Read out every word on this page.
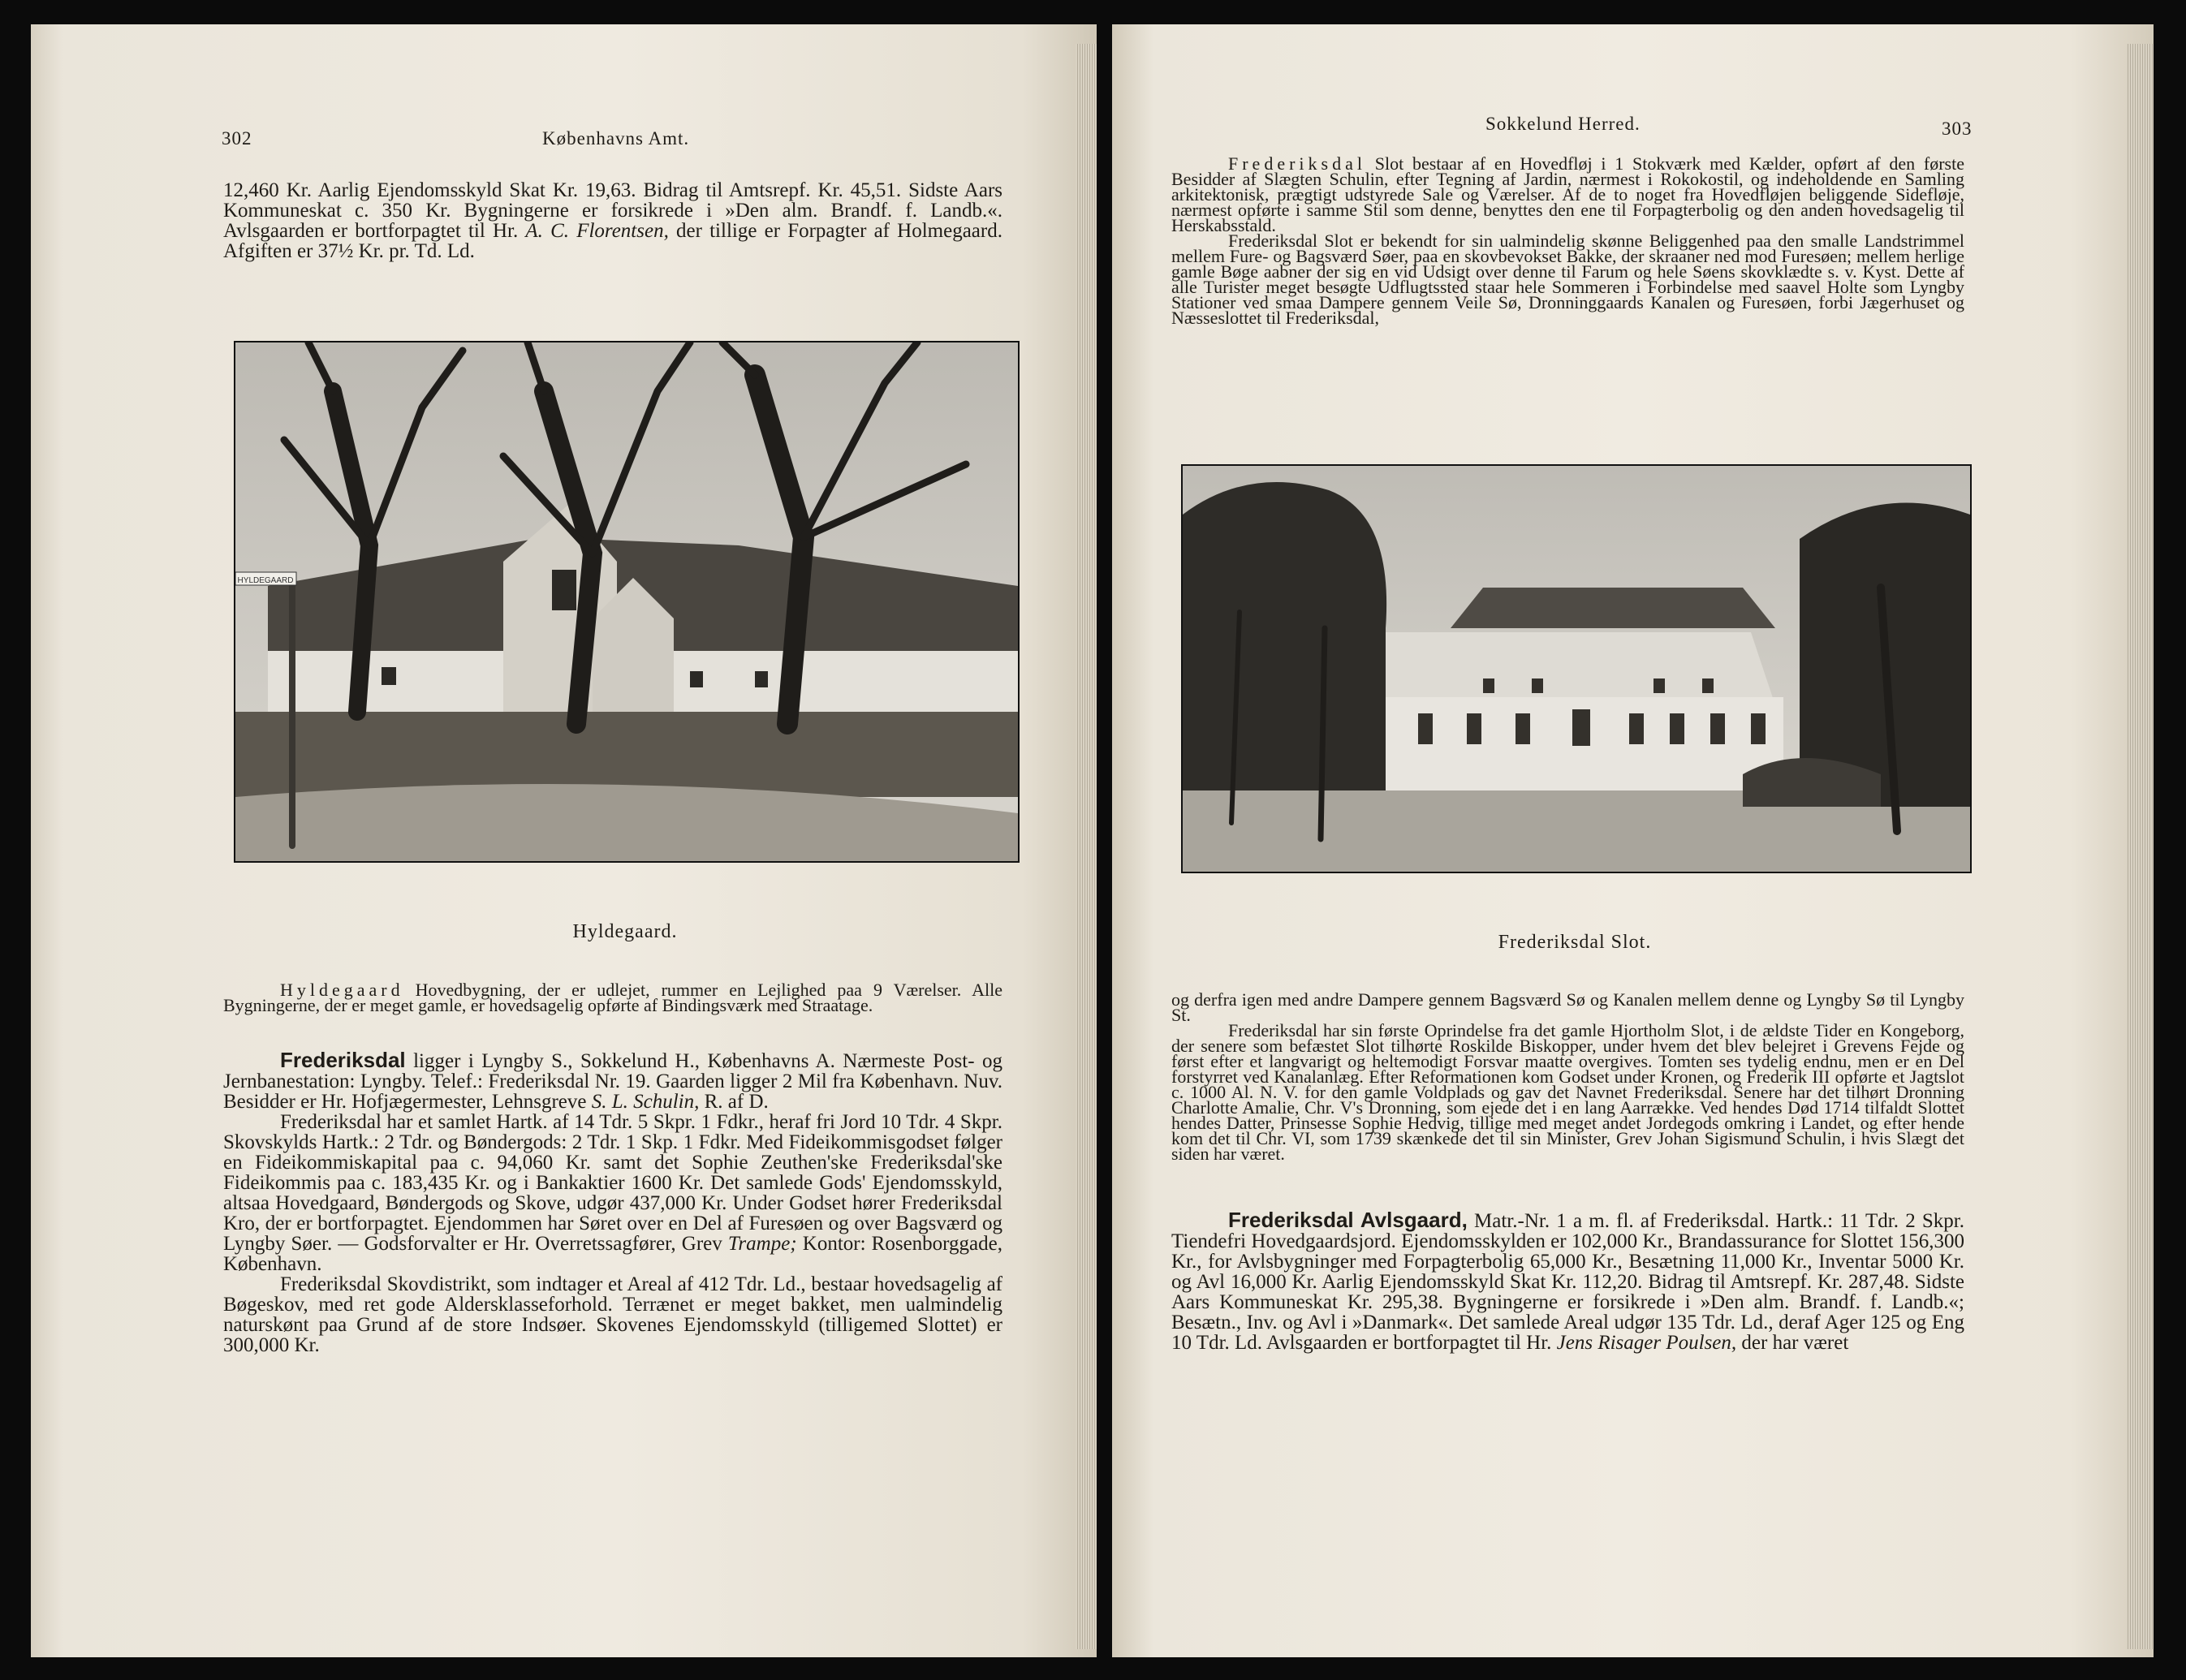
302	Københavns Amt.

12,460 Kr. Aarlig Ejendomsskyld Skat Kr. 19,63. Bidrag til Amtsrepf. Kr. 45,51. Sidste Aars Kommuneskat c. 350 Kr. Bygningerne er forsikrede i »Den alm. Brandf. f. Landb.«. Avlsgaarden er bortforpagtet til Hr. A. C. Florentsen, der tillige er Forpagter af Holmegaard. Afgiften er 37½ Kr. pr. Td. Ld.

HYLDEGAARD
Hyldegaard.

Hyldegaard Hovedbygning, der er udlejet, rummer en Lejlighed paa 9 Værelser. Alle Bygningerne, der er meget gamle, er hovedsagelig opførte af Bindingsværk med Straatage.

Frederiksdal ligger i Lyngby S., Sokkelund H., Københavns A. Nærmeste Post- og Jernbanestation: Lyngby. Telef.: Frederiksdal Nr. 19. Gaarden ligger 2 Mil fra København. Nuv. Besidder er Hr. Hofjægermester, Lehnsgreve S. L. Schulin, R. af D.

Frederiksdal har et samlet Hartk. af 14 Tdr. 5 Skpr. 1 Fdkr., heraf fri Jord 10 Tdr. 4 Skpr. Skovskylds Hartk.: 2 Tdr. og Bøndergods: 2 Tdr. 1 Skp. 1 Fdkr. Med Fideikommisgodset følger en Fideikommiskapital paa c. 94,060 Kr. samt det Sophie Zeuthen'ske Frederiksdal'ske Fideikommis paa c. 183,435 Kr. og i Bankaktier 1600 Kr. Det samlede Gods' Ejendomsskyld, altsaa Hovedgaard, Bøndergods og Skove, udgør 437,000 Kr. Under Godset hører Frederiksdal Kro, der er bortforpagtet. Ejendommen har Søret over en Del af Furesøen og over Bagsværd og Lyngby Søer. — Godsforvalter er Hr. Overretssagfører, Grev Trampe; Kontor: Rosenborggade, København.

Frederiksdal Skovdistrikt, som indtager et Areal af 412 Tdr. Ld., bestaar hovedsagelig af Bøgeskov, med ret gode Aldersklasseforhold. Terrænet er meget bakket, men ualmindelig naturskønt paa Grund af de store Indsøer. Skovenes Ejendomsskyld (tilligemed Slottet) er 300,000 Kr.

Sokkelund Herred.	303

Frederiksdal Slot bestaar af en Hovedfløj i 1 Stokværk med Kælder, opført af den første Besidder af Slægten Schulin, efter Tegning af Jardin, nærmest i Rokokostil, og indeholdende en Samling arkitektonisk, prægtigt udstyrede Sale og Værelser. Af de to noget fra Hovedfløjen beliggende Sidefløje, nærmest opførte i samme Stil som denne, benyttes den ene til Forpagterbolig og den anden hovedsagelig til Herskabsstald.

Frederiksdal Slot er bekendt for sin ualmindelig skønne Beliggenhed paa den smalle Landstrimmel mellem Fure- og Bagsværd Søer, paa en skovbevokset Bakke, der skraaner ned mod Furesøen; mellem herlige gamle Bøge aabner der sig en vid Udsigt over denne til Farum og hele Søens skovklædte s. v. Kyst. Dette af alle Turister meget besøgte Udflugtssted staar hele Sommeren i Forbindelse med saavel Holte som Lyngby Stationer ved smaa Dampere gennem Veile Sø, Dronninggaards Kanalen og Furesøen, forbi Jægerhuset og Næsseslottet til Frederiksdal,

Frederiksdal Slot.

og derfra igen med andre Dampere gennem Bagsværd Sø og Kanalen mellem denne og Lyngby Sø til Lyngby St.

Frederiksdal har sin første Oprindelse fra det gamle Hjortholm Slot, i de ældste Tider en Kongeborg, der senere som befæstet Slot tilhørte Roskilde Biskopper, under hvem det blev belejret i Grevens Fejde og først efter et langvarigt og heltemodigt Forsvar maatte overgives. Tomten ses tydelig endnu, men er en Del forstyrret ved Kanalanlæg. Efter Reformationen kom Godset under Kronen, og Frederik III opførte et Jagtslot c. 1000 Al. N. V. for den gamle Voldplads og gav det Navnet Frederiksdal. Senere har det tilhørt Dronning Charlotte Amalie, Chr. V's Dronning, som ejede det i en lang Aarrække. Ved hendes Død 1714 tilfaldt Slottet hendes Datter, Prinsesse Sophie Hedvig, tillige med meget andet Jordegods omkring i Landet, og efter hende kom det til Chr. VI, som 1739 skænkede det til sin Minister, Grev Johan Sigismund Schulin, i hvis Slægt det siden har været.

Frederiksdal Avlsgaard, Matr.-Nr. 1 a m. fl. af Frederiksdal. Hartk.: 11 Tdr. 2 Skpr. Tiendefri Hovedgaardsjord. Ejendomsskylden er 102,000 Kr., Brandassurance for Slottet 156,300 Kr., for Avlsbygninger med Forpagterbolig 65,000 Kr., Besætning 11,000 Kr., Inventar 5000 Kr. og Avl 16,000 Kr. Aarlig Ejendomsskyld Skat Kr. 112,20. Bidrag til Amtsrepf. Kr. 287,48. Sidste Aars Kommuneskat Kr. 295,38. Bygningerne er forsikrede i »Den alm. Brandf. f. Landb.«; Besætn., Inv. og Avl i »Danmark«. Det samlede Areal udgør 135 Tdr. Ld., deraf Ager 125 og Eng 10 Tdr. Ld. Avlsgaarden er bortforpagtet til Hr. Jens Risager Poulsen, der har været
